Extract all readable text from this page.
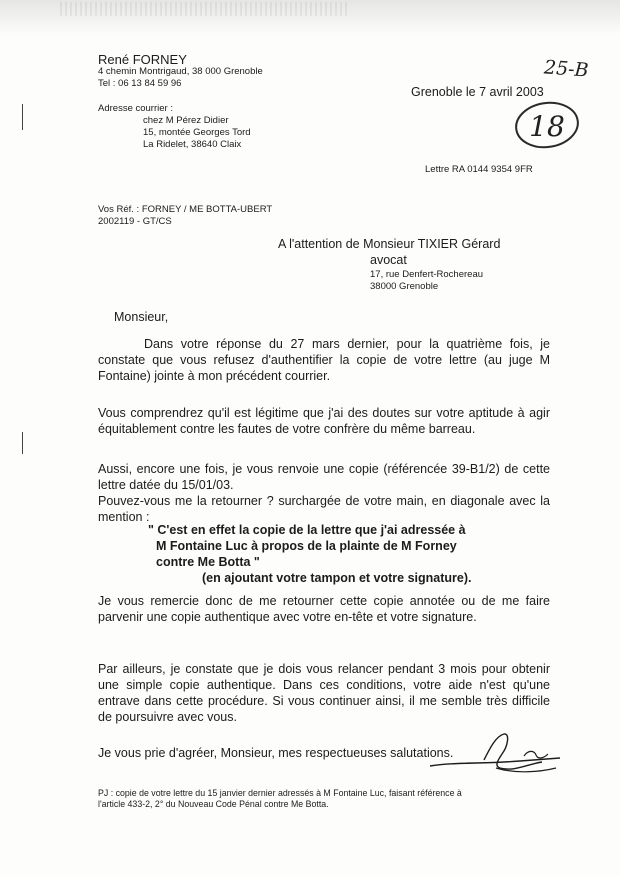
René FORNEY
4 chemin Montrigaud, 38 000 Grenoble
Tel : 06 13 84 59 96
Adresse courrier :
chez M Pérez Didier
15, montée Georges Tord
La Ridelet, 38640 Claix
25-B
18
Grenoble le 7 avril 2003
Lettre RA 0144 9354 9FR
Vos Réf. : FORNEY / ME BOTTA-UBERT
2002119 - GT/CS
A l'attention de Monsieur TIXIER Gérard
avocat
17, rue Denfert-Rochereau
38000 Grenoble
Monsieur,
Dans votre réponse du 27 mars dernier, pour la quatrième fois, je constate que vous refusez d'authentifier la copie de votre lettre (au juge M Fontaine) jointe à mon précédent courrier.
Vous comprendrez qu'il est légitime que j'ai des doutes sur votre aptitude à agir équitablement contre les fautes de votre confrère du même barreau.
Aussi, encore une fois, je vous renvoie une copie (référencée 39-B1/2) de cette lettre datée du 15/01/03.
Pouvez-vous me la retourner ? surchargée de votre main, en diagonale avec la mention :
" C'est en effet la copie de la lettre que j'ai adressée à
M Fontaine Luc à propos de la plainte de M Forney
contre Me Botta "
(en ajoutant votre tampon et votre signature).
Je vous remercie donc de me retourner cette copie annotée ou de me faire parvenir une copie authentique avec votre en-tête et votre signature.
Par ailleurs, je constate que je dois vous relancer pendant 3 mois pour obtenir une simple copie authentique. Dans ces conditions, votre aide n'est qu'une entrave dans cette procédure. Si vous continuer ainsi, il me semble très difficile de poursuivre avec vous.
Je vous prie d'agréer, Monsieur, mes respectueuses salutations.
PJ : copie de votre lettre du 15 janvier dernier adressés à M Fontaine Luc, faisant référence à
l'article 433-2, 2° du Nouveau Code Pénal contre Me Botta.
